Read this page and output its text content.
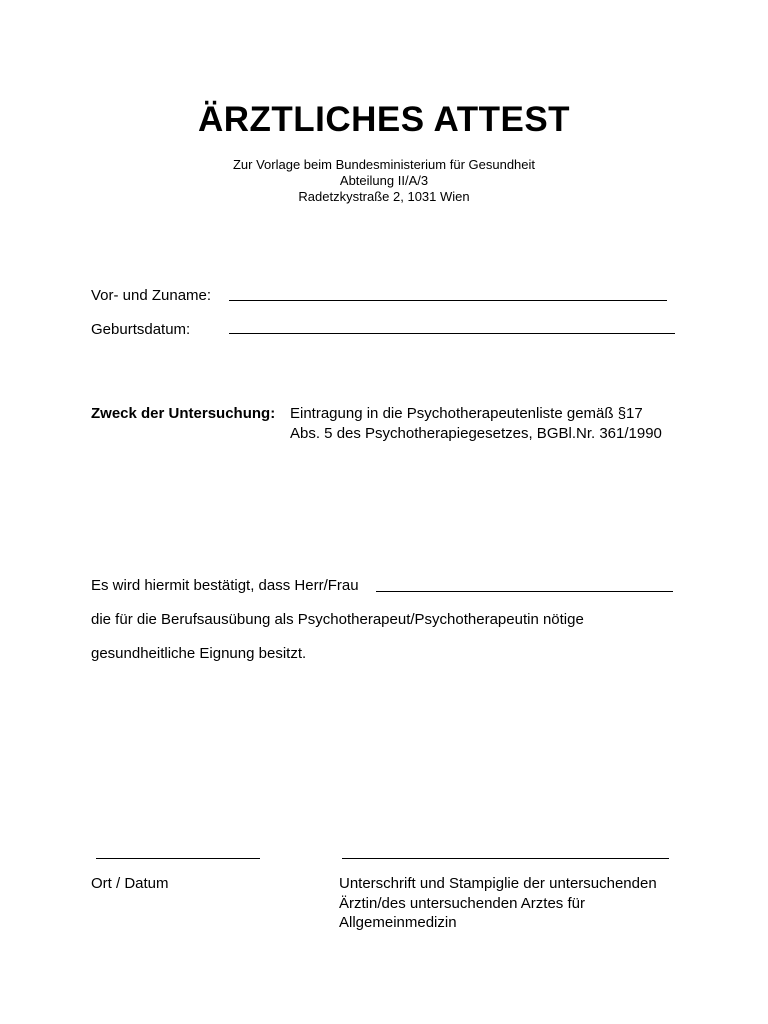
ÄRZTLICHES ATTEST
Zur Vorlage beim Bundesministerium für Gesundheit
Abteilung II/A/3
Radetzkystraße 2, 1031 Wien
Vor- und Zuname:
Geburtsdatum:
Zweck der Untersuchung: Eintragung in die Psychotherapeutenliste gemäß §17
Abs. 5 des Psychotherapiegesetzes, BGBl.Nr. 361/1990
Es wird hiermit bestätigt, dass Herr/Frau
die für die Berufsausübung als Psychotherapeut/Psychotherapeutin nötige
gesundheitliche Eignung besitzt.
Ort / Datum	Unterschrift und Stampiglie der untersuchenden
Ärztin/des untersuchenden Arztes für
Allgemeinmedizin
